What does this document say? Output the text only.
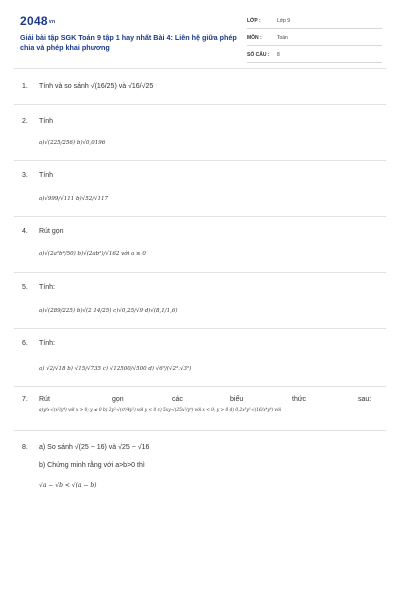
2048vn
Giải bài tập SGK Toán 9 tập 1 hay nhất Bài 4: Liên hệ giữa phép chia và phép khai phương
LỚP :	Lớp 9
MÔN :	Toán
SỐ CÂU : 8
1. Tính và so sánh √(16/25) và √16/√25
2. Tính
a)√(225/256) b)√0,0196
3. Tính
a)√999/√111 b)√52/√117
4. Rút gọn
a)√(2a²b⁴/50) b)√(2ab²)/√162 với a ≥ 0
5. Tính:
a)√(289/225) b)√(2 14/25) c)√0,25/√9 d)√(8,1/1,6)
6. Tính:
a) √2/√18 b) √15/√735 c) √12500/√500 d) √6⁵/(√2³.√3⁵)
7. Rút	gọn	các	biểu	thức	sau:
a)y/x·√(x²/y⁴) với x > 0; y ≠ 0 b) 2y²·√(x⁴/4y²) với y < 0 c) 5xy·√(25x²/y⁶) với x < 0; y > 0 d) 0,2x³y³·√(16/x⁴y⁸) với
8. a) So sánh √(25 − 16) và √25 − √16
b) Chứng minh rằng với a>b>0 thì
√a − √b < √(a − b)
